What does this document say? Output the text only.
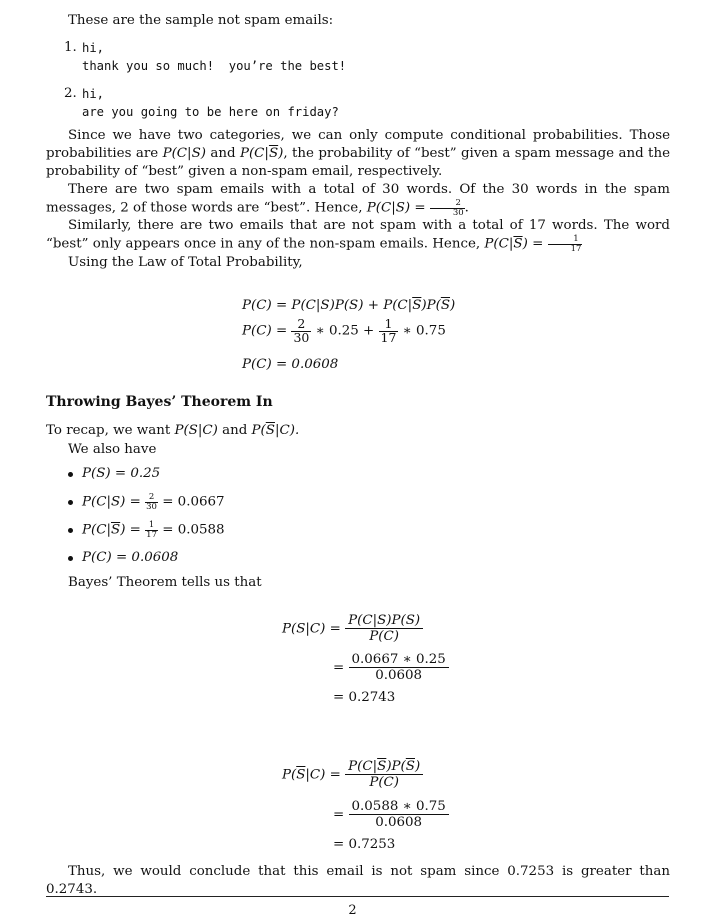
These are the sample not spam emails:

1. hi,
thank you so much!  you’re the best!
2. hi,
are you going to be here on friday?

Since we have two categories, we can only compute conditional probabilities. Those probabilities are P(C|S) and $P(C|\overline{S})$, the probability of “best” given a spam message and the probability of “best” given a non-spam email, respectively.

There are two spam emails with a total of 30 words. Of the 30 words in the spam messages, 2 of those words are “best”. Hence, $P(C|S) = \frac{2}{30}$ .

Similarly, there are two emails that are not spam with a total of 17 words. The word “best” only appears once in any of the non-spam emails. Hence, $P(C|\overline{S}) = \frac{1}{17}$

Using the Law of Total Probability,

$P(C) = P(C|S)P(S) + P(C|\overline{S})P(\overline{S})$
$P(C) = \frac{2}{30}$ ∗ $0.25 + \frac{1}{17}$ ∗ 0.75
P(C) = 0.0608
Throwing Bayes’ Theorem In

To recap, we want P(S|C) and $P(\overline{S}|C)$.

We also have

P(S) = 0.25
$P(C|S) = \frac{2}{30} = 0.0667$
$P(C|\overline{S}) = \frac{1}{17} = 0.0588$
P(C) = 0.0608

Bayes’ Theorem tells us that

$P(S|C) = \frac{P(C|S)P(S)}{P(C)}$
= $\frac{0.0667 ∗ 0.25}{0.0608}$
= 0.2743
$P(\overline{S}|C) = \frac{P(C|\overline{S})P(\overline{S})}{P(C)}$
= $\frac{0.0588 ∗ 0.75}{0.0608}$
= 0.7253

Thus, we would conclude that this email is not spam since 0.7253 is greater than 0.2743.

2
